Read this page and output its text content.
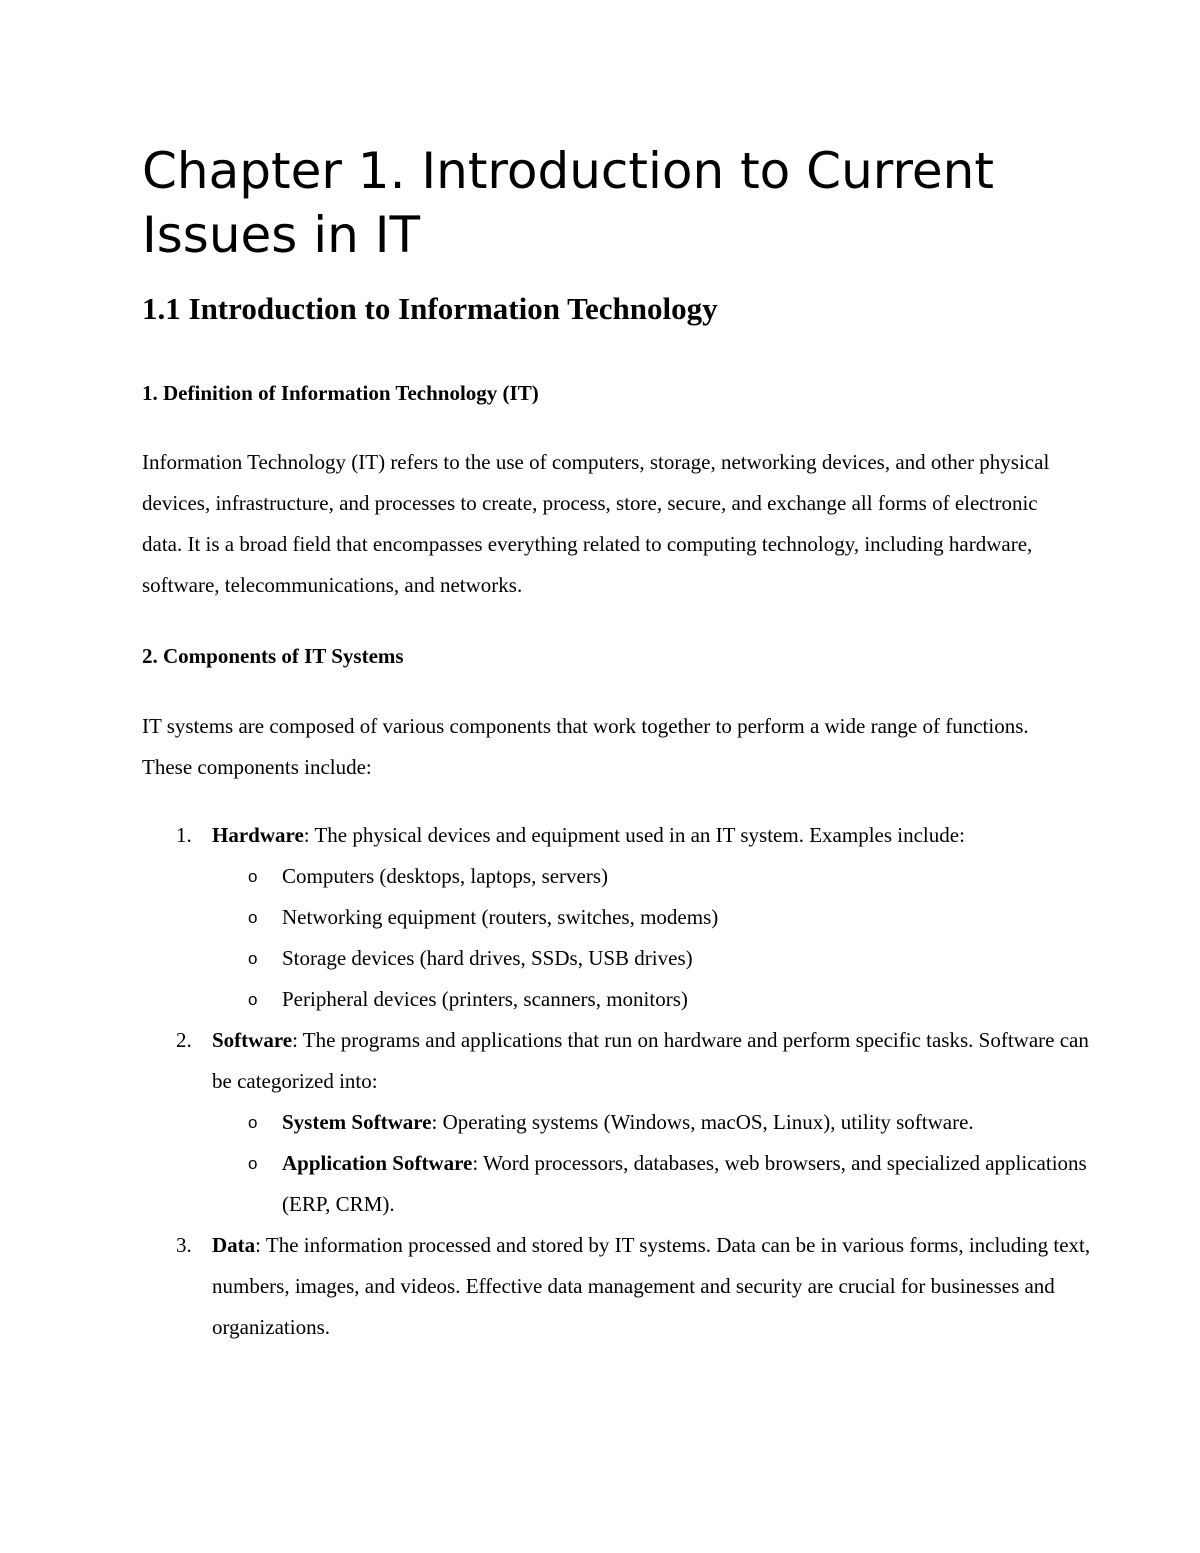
Chapter 1. Introduction to Current Issues in IT
1.1 Introduction to Information Technology
1. Definition of Information Technology (IT)

Information Technology (IT) refers to the use of computers, storage, networking devices, and other physical devices, infrastructure, and processes to create, process, store, secure, and exchange all forms of electronic data. It is a broad field that encompasses everything related to computing technology, including hardware, software, telecommunications, and networks.

2. Components of IT Systems

IT systems are composed of various components that work together to perform a wide range of functions. These components include:

1. Hardware: The physical devices and equipment used in an IT system. Examples include:
o Computers (desktops, laptops, servers)
o Networking equipment (routers, switches, modems)
o Storage devices (hard drives, SSDs, USB drives)
o Peripheral devices (printers, scanners, monitors)
2. Software: The programs and applications that run on hardware and perform specific tasks. Software can be categorized into:
o System Software: Operating systems (Windows, macOS, Linux), utility software.
o Application Software: Word processors, databases, web browsers, and specialized applications (ERP, CRM).
3. Data: The information processed and stored by IT systems. Data can be in various forms, including text, numbers, images, and videos. Effective data management and security are crucial for businesses and organizations.
